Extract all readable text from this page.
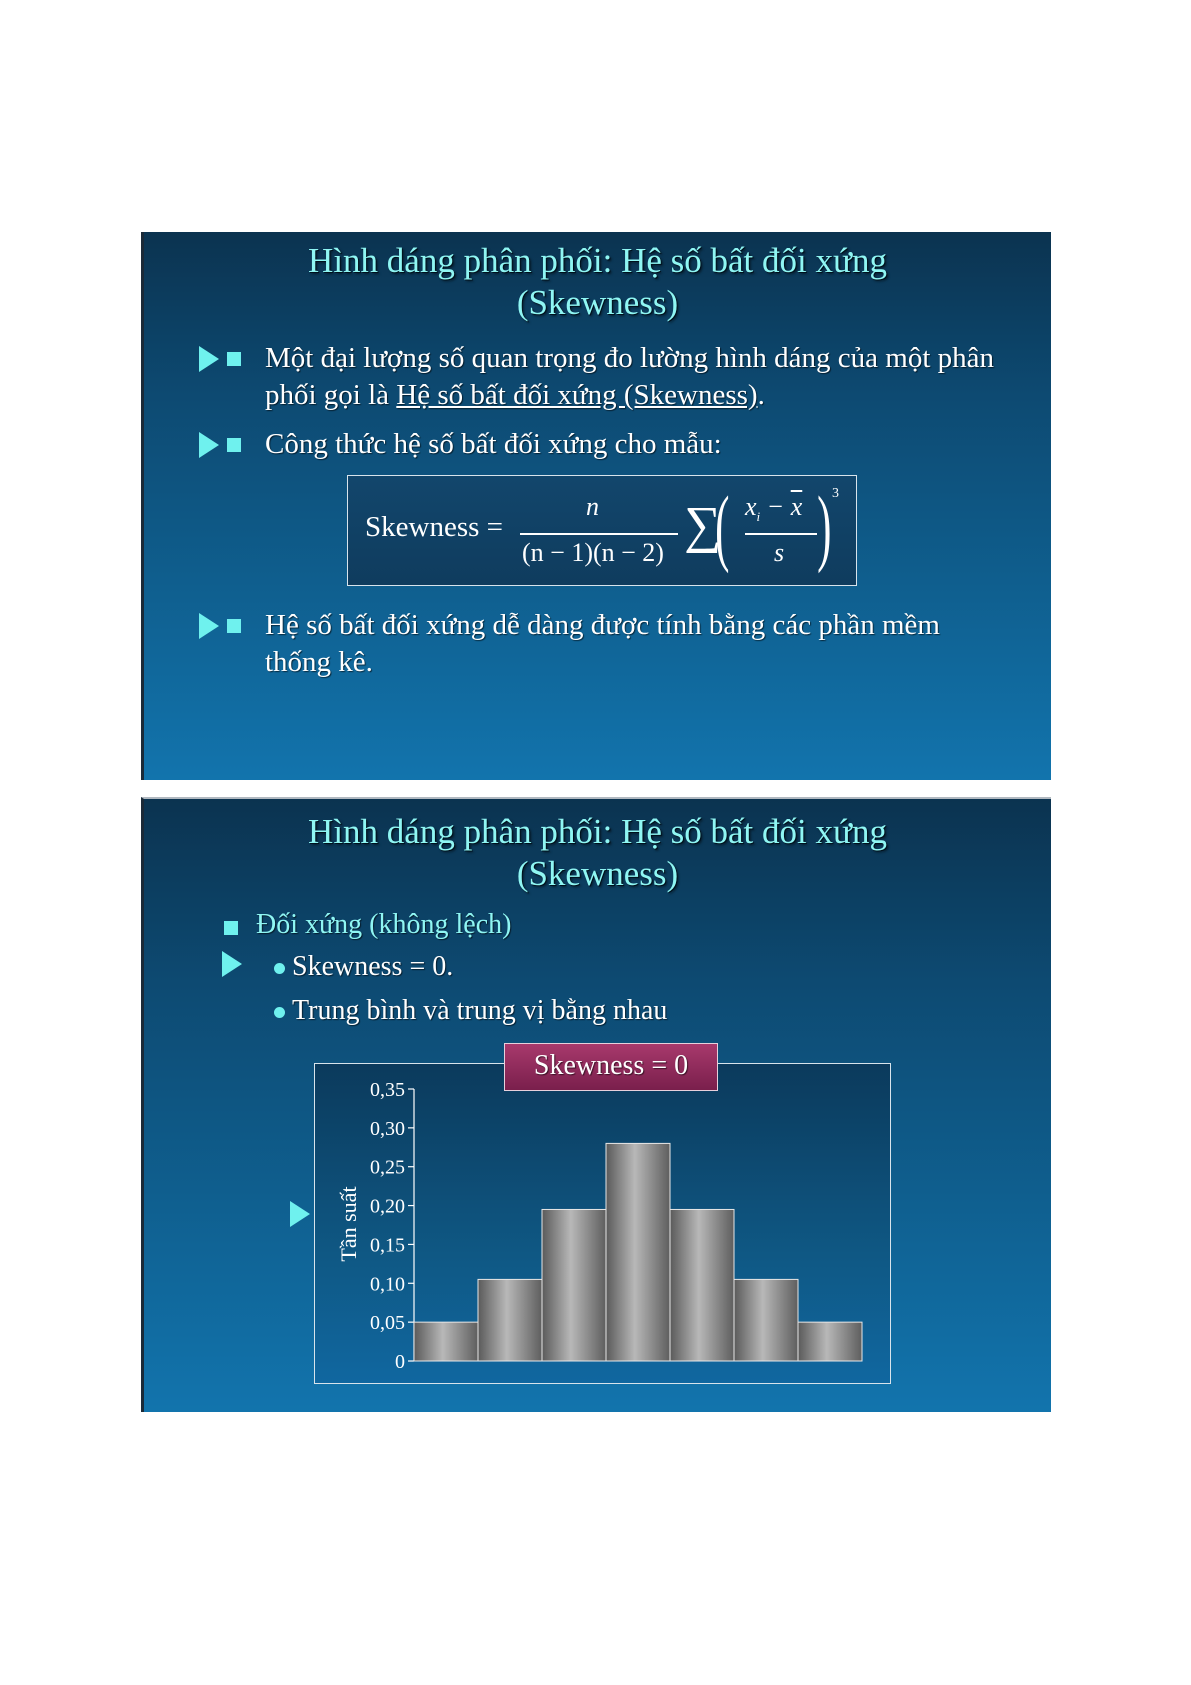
Hình dáng phân phối: Hệ số bất đối xứng
(Skewness)
Một đại lượng số quan trọng đo lường hình dáng của một phân phối gọi là Hệ số bất đối xứng (Skewness).
Công thức hệ số bất đối xứng cho mẫu:
Skewness =
n
(n − 1)(n − 2) ∑
( $x_i - \overline{x}$
s ) 3
Hệ số bất đối xứng dễ dàng được tính bằng các phần mềm thống kê.
Hình dáng phân phối: Hệ số bất đối xứng
(Skewness)
Đối xứng (không lệch)
Skewness = 0.
Trung bình và trung vị bằng nhau
0
0,05
0,10
0,15
0,20
0,25
0,30
0,35
Tần suất
Skewness = 0
